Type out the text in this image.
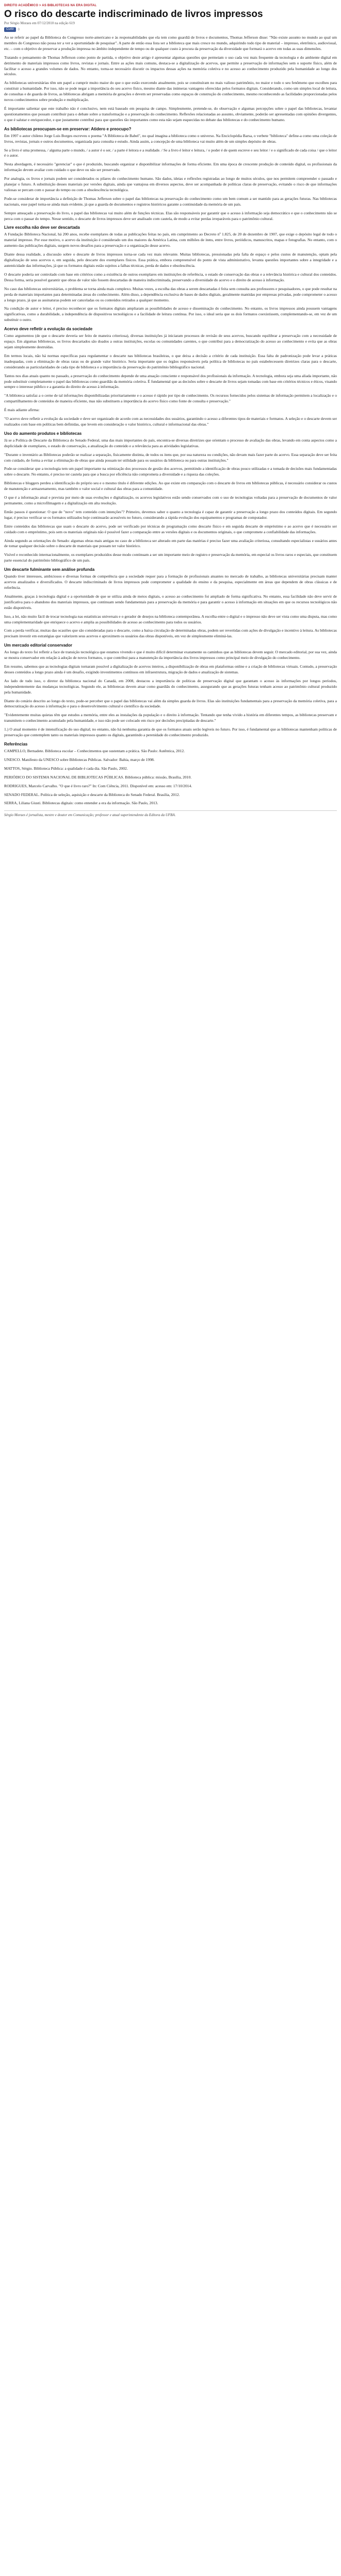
DIREITO ACADÊMICO > AS BIBLIOTECAS NA ERA DIGITAL
O risco do descarte indiscriminado de livros impressos
Por Sérgio Moraes em 07/12/2010 na edição 619
Curtir	0

Ao se referir ao papel da Biblioteca do Congresso norte-americano e às responsabilidades que ela tem como guardiã de livros e documentos, Thomas Jefferson disse: "Não existe assunto no mundo ao qual um membro do Congresso não possa ter a ver a oportunidade de pesquisar". A parte de então essa lista ser a biblioteca que mais cresce no mundo, adquirindo todo tipo de material – impresso, eletrônico, audiovisual, etc. – com o objetivo de preservar a produção impressa no âmbito independente de tempo ou de qualquer custo à procura da preservação da diversidade que formará o acervo em todas as suas dimensões.

Tratando o pensamento de Thomas Jefferson como ponto de partida, o objetivo deste artigo é apresentar algumas questões que permeiam o uso cada vez mais frequente da tecnologia e do ambiente digital em detrimento de materiais impressos como livros, revistas e jornais. Entre as ações mais comuns, destaca-se a digitalização de acervos, que permite a preservação de informações sem o suporte físico, além de facilitar o acesso a grandes volumes de dados. No entanto, torna-se necessário discutir os impactos dessas ações na memória coletiva e no acesso ao conhecimento produzido pela humanidade ao longo dos séculos.

As bibliotecas universitárias têm um papel a cumprir muito maior do que o que estão exercendo atualmente, pois se constituíram no mais valioso patrimônio, no maior e todo o seu fenômeno que escolheu para constituir a humanidade. Por isso, não se pode negar a importância do seu acervo físico, mesmo diante das inúmeras vantagens oferecidas pelos formatos digitais. Considerando, como um simples local de leitura, de consultas e de guarda de livros, as bibliotecas abrigam a memória de gerações e devem ser preservadas como espaços de construção do conhecimento, mesmo reconhecendo as facilidades proporcionadas pelos novos conhecimentos sobre produção e multiplicação.

É importante salientar que este trabalho não é conclusivo, nem está baseado em pesquisa de campo. Simplesmente, pretende-se, do observação e algumas percepções sobre o papel das bibliotecas, levantar questionamentos que possam contribuir para o debate sobre a transformação e a preservação do conhecimento. Reflexões relacionadas ao assunto, obviamente, poderão ser apresentadas com opiniões divergentes, o que é salutar e enriquecedor, e que justamente contribui para que questões tão importantes como esta não sejam esquecidas no debate das bibliotecas e do conhecimento humano.

As bibliotecas preocupam-se em preservar: Atidero e preocupo?

Em 1997 o autor chileno Jorge Luis Borges escreveu o poema "A Biblioteca de Babel", no qual imagina a biblioteca como o universo. Na Enciclopédia Barsa, o verbete "biblioteca" define-a como uma coleção de livros, revistas, jornais e outros documentos, organizada para consulta e estudo. Ainda assim, a concepção de uma biblioteca vai muito além de um simples depósito de obras.

Se a livro é uma promessa, / alguma parte o mundo, / a autor é o ser, / a parte é leitora e a realidade. / Se a livro é leitor e leitura, / o poder é de quem escreve e seu leitor / e o significado de cada coisa / que o leitor é o autor.

Nesta abordagem, é necessário "gerenciar" o que é produzido, buscando organizar e disponibilizar informações de forma eficiente. Em uma época de crescente produção de conteúdo digital, os profissionais da informação devem avaliar com cuidado o que deve ou não ser preservado.

Por analogia, os livros e jornais podem ser considerados os pilares do conhecimento humano. São dados, ideias e reflexões registradas ao longo de muitos séculos, que nos permitem compreender o passado e planejar o futuro. A substituição desses materiais por versões digitais, ainda que vantajosa em diversos aspectos, deve ser acompanhada de políticas claras de preservação, evitando o risco de que informações valiosas se percam com o passar do tempo ou com a obsolescência tecnológica.

Pode-se considerar de importância a definição de Thomas Jefferson sobre o papel das bibliotecas na preservação do conhecimento como um bem comum a ser mantido para as gerações futuras. Nas bibliotecas nacionais, esse papel torna-se ainda mais evidente, já que a guarda de documentos e registros históricos garante a continuidade da memória de um país.

Sempre ameaçado a preservação do livro, o papel das bibliotecas vai muito além de funções técnicas. Elas são responsáveis por garantir que o acesso à informação seja democrático e que o conhecimento não se perca com o passar do tempo. Nesse sentido, o descarte de livros impressos deve ser analisado com cautela, de modo a evitar perdas irreparáveis para o patrimônio cultural.

Livre escolha não deve ser descartada

A Fundação Biblioteca Nacional, há 200 anos, recebe exemplares de todas as publicações feitas no país, em cumprimento ao Decreto nº 1.825, de 20 de dezembro de 1907, que exige o depósito legal de todo o material impresso. Por esse motivo, o acervo da instituição é considerado um dos maiores da América Latina, com milhões de itens, entre livros, periódicos, manuscritos, mapas e fotografias. No entanto, com o aumento das publicações digitais, surgem novos desafios para a preservação e a organização desse acervo.

Diante dessa realidade, a discussão sobre o descarte de livros impressos torna-se cada vez mais relevante. Muitas bibliotecas, pressionadas pela falta de espaço e pelos custos de manutenção, optam pela digitalização de seus acervos e, em seguida, pelo descarte dos exemplares físicos. Essa prática, embora compreensível do ponto de vista administrativo, levanta questões importantes sobre a integridade e a autenticidade das informações, já que os formatos digitais estão sujeitos a falhas técnicas, perda de dados e obsolescência.

O descarte poderia ser controlado com base em critérios como a existência de outros exemplares em instituições de referência, o estado de conservação das obras e a relevância histórica e cultural dos conteúdos. Dessa forma, seria possível garantir que obras de valor não fossem descartadas de maneira indiscriminada, preservando a diversidade do acervo e o direito de acesso à informação.

No caso das bibliotecas universitárias, o problema se torna ainda mais complexo. Muitas vezes, a escolha das obras a serem descartadas é feita sem consulta aos professores e pesquisadores, o que pode resultar na perda de materiais importantes para determinadas áreas do conhecimento. Além disso, a dependência exclusiva de bases de dados digitais, geralmente mantidas por empresas privadas, pode comprometer o acesso a longo prazo, já que as assinaturas podem ser canceladas ou os conteúdos retirados a qualquer momento.

Na condição de autor e leitor, é preciso reconhecer que os formatos digitais ampliaram as possibilidades de acesso e disseminação do conhecimento. No entanto, os livros impressos ainda possuem vantagens significativas, como a durabilidade, a independência de dispositivos tecnológicos e a facilidade de leitura contínua. Por isso, o ideal seria que os dois formatos coexistissem, complementando-se, em vez de um substituir o outro.

Acervo deve refletir a evolução da sociedade

Como argumentou (de que o descarte deveria ser feito de maneira criteriosa), diversas instituições já iniciaram processos de revisão de seus acervos, buscando equilibrar a preservação com a necessidade de espaço. Em algumas bibliotecas, os livros descartados são doados a outras instituições, escolas ou comunidades carentes, o que contribui para a democratização do acesso ao conhecimento e evita que as obras sejam simplesmente destruídas.

Em termos locais, não há normas específicas para regulamentar o descarte nas bibliotecas brasileiras, o que deixa a decisão a critério de cada instituição. Essa falta de padronização pode levar a práticas inadequadas, com a eliminação de obras raras ou de grande valor histórico. Seria importante que os órgãos responsáveis pela política de bibliotecas no país estabelecessem diretrizes claras para o descarte, considerando as particularidades de cada tipo de biblioteca e a importância da preservação do patrimônio bibliográfico nacional.

Tantos nos dias atuais quanto no passado, a preservação do conhecimento depende de uma atuação consciente e responsável dos profissionais da informação. A tecnologia, embora seja uma aliada importante, não pode substituir completamente o papel das bibliotecas como guardiãs da memória coletiva. É fundamental que as decisões sobre o descarte de livros sejam tomadas com base em critérios técnicos e éticos, visando sempre o interesse público e a garantia do direito de acesso à informação.

"A biblioteca satisfaz a o cerne de tal informações disponibilizadas prioritariamente e o acesso é rápido por tipo de conhecimento. Os recursos fornecidos pelos sistemas de informação permitem a localização e o compartilhamento de conteúdos de maneira eficiente, mas não substituem a importância do acervo físico como fonte de consulta e preservação."

É mais adiante afirma:

"O acervo deve refletir a evolução da sociedade e deve ser organizado de acordo com as necessidades dos usuários, garantindo o acesso a diferentes tipos de materiais e formatos. A seleção e o descarte devem ser realizados com base em políticas bem definidas, que levem em consideração o valor histórico, cultural e informacional das obras."

Uso do aumento produtos e bibliotecas

Já se a Política de Descarte da Biblioteca do Senado Federal, uma das mais importantes do país, encontra-se diversas diretrizes que orientam o processo de avaliação das obras, levando em conta aspectos como a duplicidade de exemplares, o estado de conservação, a atualização do conteúdo e a relevância para as atividades legislativas.

"Durante o inventário as Bibliotecas poderão se realizar a separação, fisicamente distinta, de todos os itens que, por sua natureza ou condições, não devam mais fazer parte do acervo. Essa separação deve ser feita com cuidado, de forma a evitar a eliminação de obras que ainda possam ter utilidade para os usuários da biblioteca ou para outras instituições."

Pode-se considerar que a tecnologia tem um papel importante na otimização dos processos de gestão dos acervos, permitindo a identificação de obras pouco utilizadas e a tomada de decisões mais fundamentadas sobre o descarte. No entanto, é preciso ter cautela para que a busca por eficiência não comprometa a diversidade e a riqueza das coleções.

Bibliotecas e bloggers perdeu a identificação do próprio seu e o mesmo título é diferente edições. Ao que existe em comparação com o descarte de livros em bibliotecas públicas, é necessário considerar os custos de manutenção e armazenamento, mas também o valor social e cultural das obras para a comunidade.

O que é a informação atual e prevista por meio de suas evoluções e digitalização, os acervos legislativos estão sendo conservados com o uso de tecnologias voltadas para a preservação de documentos de valor permanente, como a microfilmagem e a digitalização em alta resolução.

Então passos é questionar: O que de "novo" tem conteúdo com intenções"? Primeiro, devemos saber o quanto a tecnologia é capaz de garantir a preservação a longo prazo dos conteúdos digitais. Em segundo lugar, é preciso verificar se os formatos utilizados hoje continuarão acessíveis no futuro, considerando a rápida evolução dos equipamentos e programas de computador.

Entre conteúdos das bibliotecas que usam o descarte do acervo, pode ser verificado por técnicas de programação como descarte físico e em seguida descarte de empréstimo e ao acervo que é necessário ser cuidado com o empréstimo, pois sem os materiais originais não é possível fazer a comparação entre as versões digitais e os documentos originais, o que compromete a confiabilidade das informações.

Ainda segundo as orientações do Senado: algumas obras mais antigas no caso de a biblioteca ser alterado em parte das matérias é preciso fazer uma avaliação criteriosa, consultando especialistas e usuários antes de tomar qualquer decisão sobre o descarte de materiais que possam ter valor histórico.

Visível e reconhecido internacionalmente, os exemplares produzidos desse modo continuam a ser um importante meio de registro e preservação da memória, em especial os livros raros e especiais, que constituem parte essencial do patrimônio bibliográfico de um país.

Um descarte fulminante sem análise profunda

Quando tiver interesses, ambiciosos e diversas formas de competência que a sociedade requer para a formação de profissionais atuantes no mercado de trabalho, as bibliotecas universitárias precisam manter acervos atualizados e diversificados. O descarte indiscriminado de livros impressos pode comprometer a qualidade do ensino e da pesquisa, especialmente em áreas que dependem de obras clássicas e de referência.

Atualmente, graças à tecnologia digital e a oportunidade de que se utiliza ainda de meios digitais, o acesso ao conhecimento foi ampliado de forma significativa. No entanto, essa facilidade não deve servir de justificativa para o abandono dos materiais impressos, que continuam sendo fundamentais para a preservação da memória e para garantir o acesso à informação em situações em que os recursos tecnológicos não estão disponíveis.

Isso, a lei, não muito fácil de trocar tecnologia nas estatísticas universais e o gerador de desejos na biblioteca contemporânea. A escolha entre o digital e o impresso não deve ser vista como uma disputa, mas como uma complementaridade que enriquece o acervo e amplia as possibilidades de acesso ao conhecimento para todos os usuários.

Com a perda verificar, muitas das ocasiões que são consideradas para o descarte, como a baixa circulação de determinadas obras, podem ser revertidas com ações de divulgação e incentivo à leitura. As bibliotecas precisam investir em estratégias que valorizem seus acervos e aproximem os usuários das obras disponíveis, em vez de simplesmente eliminá-las.

Um mercado editorial conservador

Ao longo do texto foi refletir a face de transição tecnológica que estamos vivendo e que é muito difícil determinar exatamente os caminhos que as bibliotecas devem seguir. O mercado editorial, por sua vez, ainda se mostra conservador em relação à adoção de novos formatos, o que contribui para a manutenção da importância dos livros impressos como principal meio de divulgação do conhecimento.

Em resumo, sabemos que as tecnologias digitais tornaram possível a digitalização de acervos inteiros, a disponibilização de obras em plataformas online e a criação de bibliotecas virtuais. Contudo, a preservação desses conteúdos a longo prazo ainda é um desafio, exigindo investimentos contínuos em infraestrutura, migração de dados e atualização de sistemas.

Ao lado de tudo isso, o diretor da biblioteca nacional do Canadá, em 2008, destacou a importância de políticas de preservação digital que garantam o acesso às informações por longos períodos, independentemente das mudanças tecnológicas. Segundo ele, as bibliotecas devem atuar como guardiãs do conhecimento, assegurando que as gerações futuras tenham acesso ao patrimônio cultural produzido pela humanidade.

Diante do cenário descrito ao longo do texto, pode-se perceber que o papel das bibliotecas vai além da simples guarda de livros. Elas são instituições fundamentais para a preservação da memória coletiva, para a democratização do acesso à informação e para o desenvolvimento cultural e científico da sociedade.

"Evidentemente muitas quietas têm que estudos a memória, entre eles as instalações da população e o direito à informação. Tentando que tenha vivido a história em diferentes tempos, as bibliotecas preservam e transmitem o conhecimento acumulado pela humanidade, e isso não pode ser colocado em risco por decisões precipitadas de descarte."

1.) O atual momento é de intensificação do uso digital; no entanto, não há nenhuma garantia de que os formatos atuais serão legíveis no futuro. Por isso, é fundamental que as bibliotecas mantenham políticas de preservação que contemplem tanto os materiais impressos quanto os digitais, garantindo a perenidade do conhecimento produzido.

Referências

CAMPELLO, Bernadete. Biblioteca escolar – Conhecimentos que sustentam a prática. São Paulo: Autêntica, 2012.

UNESCO. Manifesto da UNESCO sobre Bibliotecas Públicas. Salvador: Bahia, março de 1998.

MATTOS, Sérgio. Biblioteca Pública: a qualidade é cada dia. São Paulo, 2002.

PERIÓDICO DO SISTEMA NACIONAL DE BIBLIOTECAS PÚBLICAS. Biblioteca pública: missão, Brasília, 2010.

RODRIGUES, Marcelo Carvalho. "O que é livro raro?" In: Com Ciência, 2011. Disponível em: acesso em: 17/10/2014.

SENADO FEDERAL. Política de seleção, aquisição e descarte da Biblioteca do Senado Federal. Brasília, 2012.

SERRA, Liliana Giusti. Bibliotecas digitais: como entender a era da informação. São Paulo, 2013.

Sérgio Moraes é jornalista, mestre e doutor em Comunicação; professor e atual superintendente da Editora da UFBA.
